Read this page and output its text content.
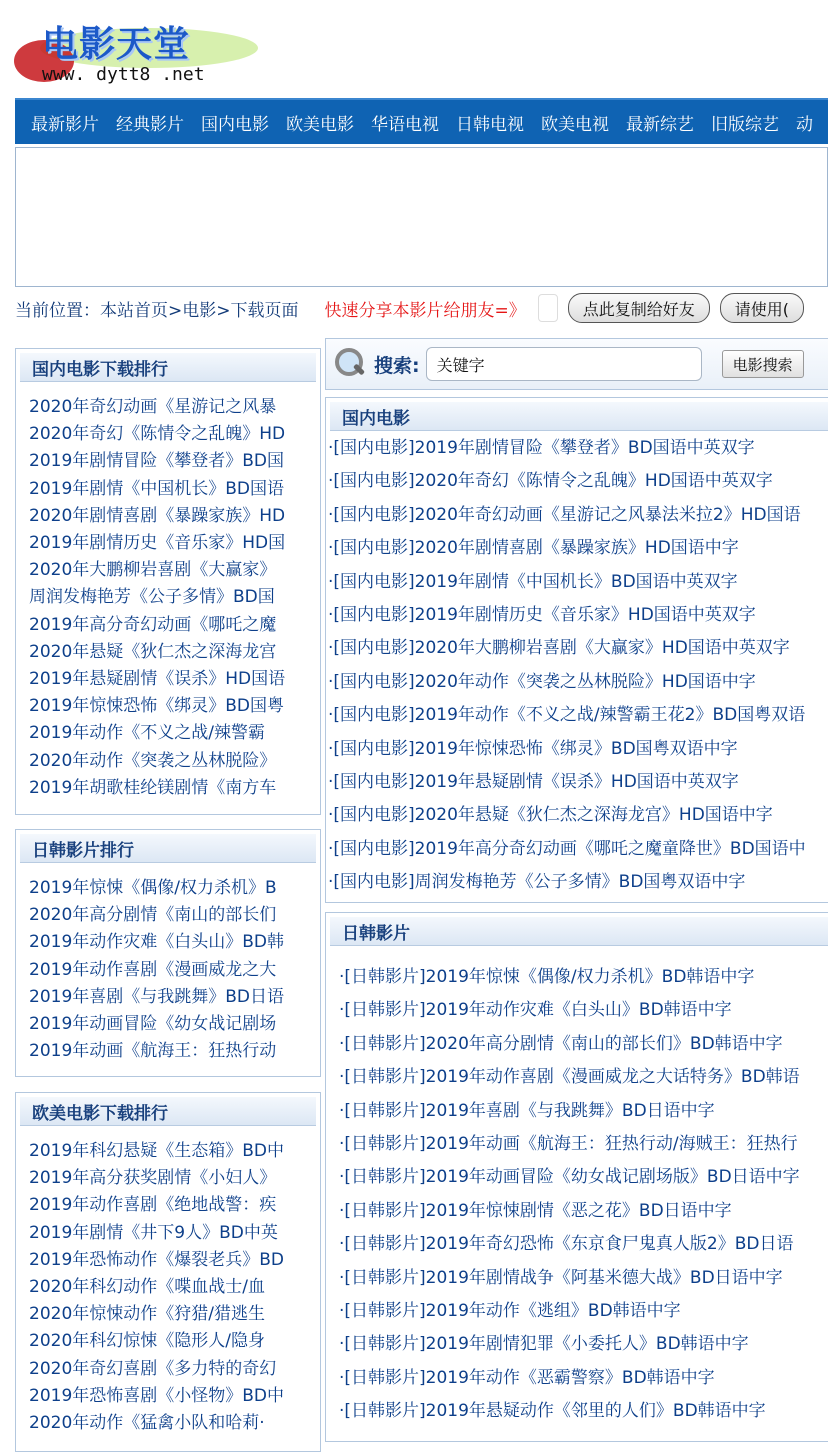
电影天堂
www. dytt8 .net
最新影片 经典影片 国内电影 欧美电影 华语电视 日韩电视 欧美电视 最新综艺 旧版综艺 动
当前位置： 本站首页>电影>下载页面 快速分享本影片给朋友=》	点此复制给好友	请使用(
国内电影下载排行
2020年奇幻动画《星游记之风暴
2020年奇幻《陈情令之乱魄》HD
2019年剧情冒险《攀登者》BD国
2019年剧情《中国机长》BD国语
2020年剧情喜剧《暴躁家族》HD
2019年剧情历史《音乐家》HD国
2020年大鹏柳岩喜剧《大赢家》
周润发梅艳芳《公子多情》BD国
2019年高分奇幻动画《哪吒之魔
2020年悬疑《狄仁杰之深海龙宫
2019年悬疑剧情《误杀》HD国语
2019年惊悚恐怖《绑灵》BD国粤
2019年动作《不义之战/辣警霸
2020年动作《突袭之丛林脱险》
2019年胡歌桂纶镁剧情《南方车
日韩影片排行
2019年惊悚《偶像/权力杀机》B
2020年高分剧情《南山的部长们
2019年动作灾难《白头山》BD韩
2019年动作喜剧《漫画威龙之大
2019年喜剧《与我跳舞》BD日语
2019年动画冒险《幼女战记剧场
2019年动画《航海王：狂热行动
欧美电影下载排行
2019年科幻悬疑《生态箱》BD中
2019年高分获奖剧情《小妇人》
2019年动作喜剧《绝地战警：疾
2019年剧情《井下9人》BD中英
2019年恐怖动作《爆裂老兵》BD
2020年科幻动作《喋血战士/血
2020年惊悚动作《狩猎/猎逃生
2020年科幻惊悚《隐形人/隐身
2020年奇幻喜剧《多力特的奇幻
2019年恐怖喜剧《小怪物》BD中
2020年动作《猛禽小队和哈莉·
搜索:
关键字	电影搜索
国内电影
·[国内电影]2019年剧情冒险《攀登者》BD国语中英双字
·[国内电影]2020年奇幻《陈情令之乱魄》HD国语中英双字
·[国内电影]2020年奇幻动画《星游记之风暴法米拉2》HD国语
·[国内电影]2020年剧情喜剧《暴躁家族》HD国语中字
·[国内电影]2019年剧情《中国机长》BD国语中英双字
·[国内电影]2019年剧情历史《音乐家》HD国语中英双字
·[国内电影]2020年大鹏柳岩喜剧《大赢家》HD国语中英双字
·[国内电影]2020年动作《突袭之丛林脱险》HD国语中字
·[国内电影]2019年动作《不义之战/辣警霸王花2》BD国粤双语
·[国内电影]2019年惊悚恐怖《绑灵》BD国粤双语中字
·[国内电影]2019年悬疑剧情《误杀》HD国语中英双字
·[国内电影]2020年悬疑《狄仁杰之深海龙宫》HD国语中字
·[国内电影]2019年高分奇幻动画《哪吒之魔童降世》BD国语中
·[国内电影]周润发梅艳芳《公子多情》BD国粤双语中字
日韩影片
·[日韩影片]2019年惊悚《偶像/权力杀机》BD韩语中字
·[日韩影片]2019年动作灾难《白头山》BD韩语中字
·[日韩影片]2020年高分剧情《南山的部长们》BD韩语中字
·[日韩影片]2019年动作喜剧《漫画威龙之大话特务》BD韩语
·[日韩影片]2019年喜剧《与我跳舞》BD日语中字
·[日韩影片]2019年动画《航海王：狂热行动/海贼王：狂热行
·[日韩影片]2019年动画冒险《幼女战记剧场版》BD日语中字
·[日韩影片]2019年惊悚剧情《恶之花》BD日语中字
·[日韩影片]2019年奇幻恐怖《东京食尸鬼真人版2》BD日语
·[日韩影片]2019年剧情战争《阿基米德大战》BD日语中字
·[日韩影片]2019年动作《逃组》BD韩语中字
·[日韩影片]2019年剧情犯罪《小委托人》BD韩语中字
·[日韩影片]2019年动作《恶霸警察》BD韩语中字
·[日韩影片]2019年悬疑动作《邻里的人们》BD韩语中字
